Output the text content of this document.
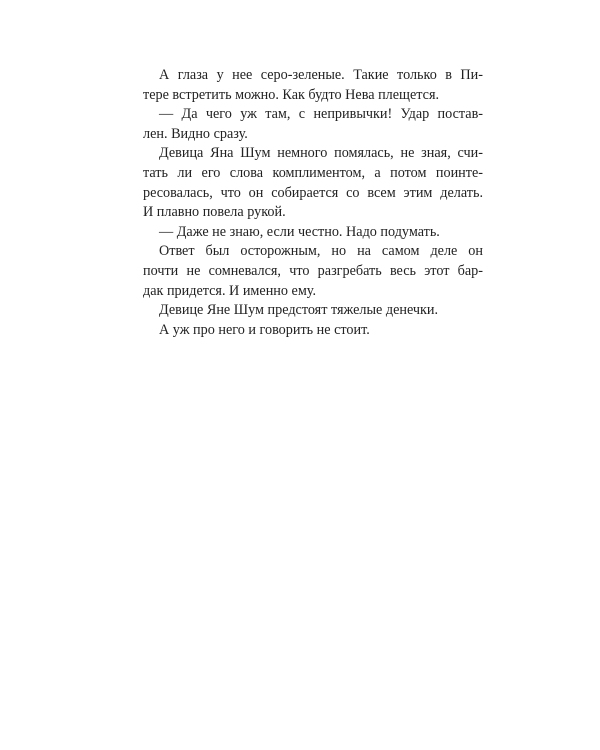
А глаза у нее серо-зеленые. Такие только в Пи-
тере встретить можно. Как будто Нева плещется.
— Да чего уж там, с непривычки! Удар постав-
лен. Видно сразу.
Девица Яна Шум немного помялась, не зная, счи-
тать ли его слова комплиментом, а потом поинте-
ресовалась, что он собирается со всем этим делать.
И плавно повела рукой.
— Даже не знаю, если честно. Надо подумать.
Ответ был осторожным, но на самом деле он
почти не сомневался, что разгребать весь этот бар-
дак придется. И именно ему.
Девице Яне Шум предстоят тяжелые денечки.
А уж про него и говорить не стоит.
